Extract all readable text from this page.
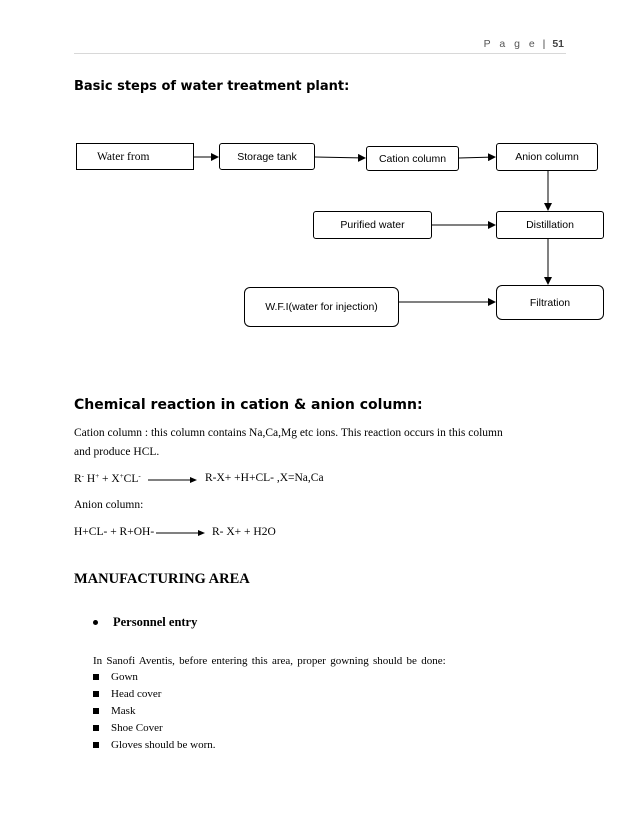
P a g e | 51
Basic steps of water treatment plant:
Water from	Storage tank	Cation column	Anion column
Purified water	Distillation
W.F.I(water for injection)	Filtration
Chemical reaction in cation & anion column:
Cation column : this column contains Na,Ca,Mg etc ions. This reaction occurs in this column
and produce HCL.
R- H+ + X+CL-	R-X+ +H+CL- ,X=Na,Ca
Anion column:
H+CL- + R+OH-	R- X+ + H2O
MANUFACTURING AREA
Personnel entry
In Sanofi Aventis, before entering this area, proper gowning should be done:
Gown
Head cover
Mask
Shoe Cover
Gloves should be worn.
